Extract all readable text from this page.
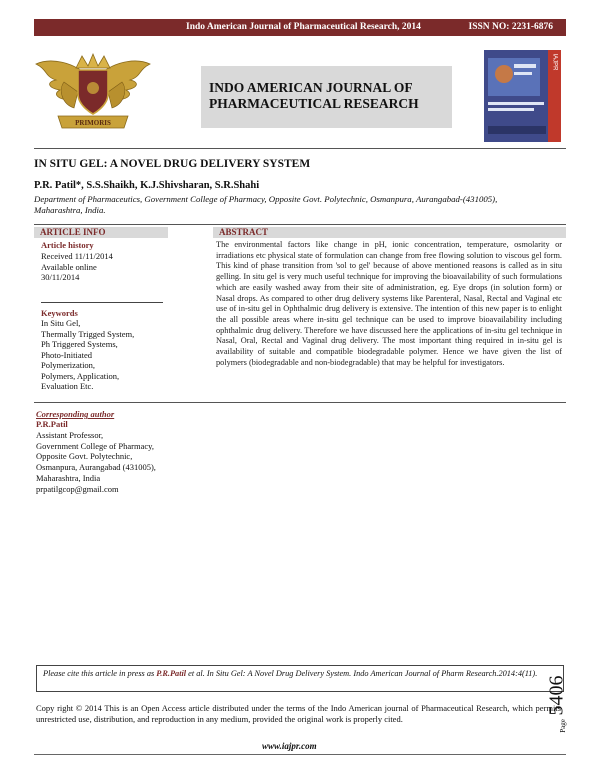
Indo American Journal of Pharmaceutical Research, 2014	ISSN NO: 2231-6876
PRIMORIS
INDO AMERICAN JOURNAL OF
PHARMACEUTICAL RESEARCH
IAJPR
IN SITU GEL: A NOVEL DRUG DELIVERY SYSTEM
P.R. Patil*, S.S.Shaikh, K.J.Shivsharan, S.R.Shahi
Department of Pharmaceutics, Government College of Pharmacy, Opposite Govt. Polytechnic, Osmanpura, Aurangabad-(431005),
Maharashtra, India.
ARTICLE INFO
Article history
Received 11/11/2014
Available online
30/11/2014
Keywords
In Situ Gel,
Thermally Trigged System,
Ph Triggered Systems,
Photo-Initiated
Polymerization,
Polymers, Application,
Evaluation Etc.
ABSTRACT
The environmental factors like change in pH, ionic concentration, temperature, osmolarity or irradiations etc physical state of formulation can change from free flowing solution to viscous gel form. This kind of phase transition from 'sol to gel' because of above mentioned reasons is called as in situ gelling. In situ gel is very much useful technique for improving the bioavailability of such formulations which are easily washed away from their site of administration, eg. Eye drops (in solution form) or Nasal drops. As compared to other drug delivery systems like Parenteral, Nasal, Rectal and Vaginal etc use of in-situ gel in Ophthalmic drug delivery is extensive. The intention of this new paper is to enlight the all possible areas where in-situ gel technique can be used to improve bioavailability including ophthalmic drug delivery. Therefore we have discussed here the applications of in-situ gel technique in Nasal, Oral, Rectal and Vaginal drug delivery. The most important thing required in in-situ gel is availability of suitable and compatible biodegradable polymer. Hence we have given the list of polymers (biodegradable and non-biodegradable) that may be helpful for investigators.
Corresponding author
P.R.Patil
Assistant Professor,
Government College of Pharmacy,
Opposite Govt. Polytechnic,
Osmanpura, Aurangabad (431005),
Maharashtra, India
prpatilgcop@gmail.com
Please cite this article in press as P.R.Patil et al. In Situ Gel: A Novel Drug Delivery System. Indo American Journal of Pharm Research.2014:4(11).
Copy right © 2014 This is an Open Access article distributed under the terms of the Indo American journal of Pharmaceutical Research, which permits unrestricted use, distribution, and reproduction in any medium, provided the original work is properly cited.
www.iajpr.com
5406
Page
